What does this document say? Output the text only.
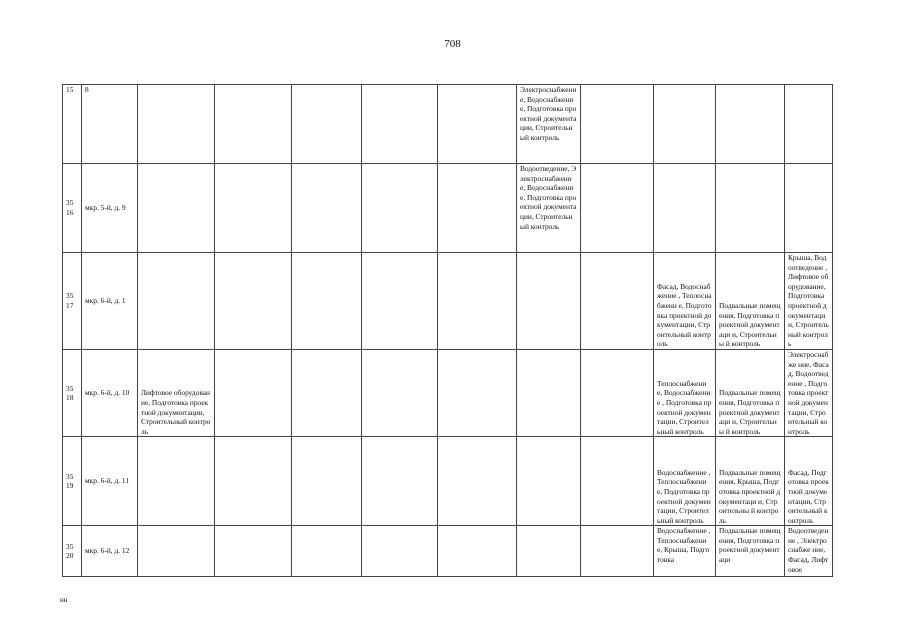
708
15	8						Электроснабжени е, Водоснабжение, Подготовка проектной документации, Строительный контроль				
35 16	мкр. 5-й, д. 9						Водоотведение, Электроснабжени е, Водоснабжение, Подготовка проектной документации, Строительный контроль				
35 17	мкр. 6-й, д. 1								Фасад, Водоснабжение , Теплоснабжени е, Подготовка проектной документации, Строительный контроль	Подвальные помещения, Подготовка проектной документаци и, Строительны й контроль	Крыша, Водоотведение , Лифтовое оборудование, Подготовка проектной документации, Строительный контроль
35 18	мкр. 6-й, д. 10	Лифтовое оборудование, Подготовка проектной документации, Строительный контроль							Теплоснабжени е, Водоснабжение , Подготовка проектной документации, Строительный контроль	Подвальные помещения, Подготовка проектной документаци и, Строительны й контроль	Электроснабже ние, Фасад, Водоотведение , Подготовка проектной документации, Строительный контроль
35 19	мкр. 6-й, д. 11								Водоснабжение , Теплоснабжени е, Подготовка проектной документации, Строительный контроль	Подвальные помещения, Крыша, Подготовка проектной документаци и, Строительны й контроль	Фасад, Подготовка проектной документации, Строительный контроль
35 20	мкр. 6-й, д. 12								Водоснабжение , Теплоснабжени е, Крыша, Подготовка	Подвальные помещения, Подготовка проектной документаци	Водоотведение , Электроснабже ние, Фасад, Лифтовое
нн
